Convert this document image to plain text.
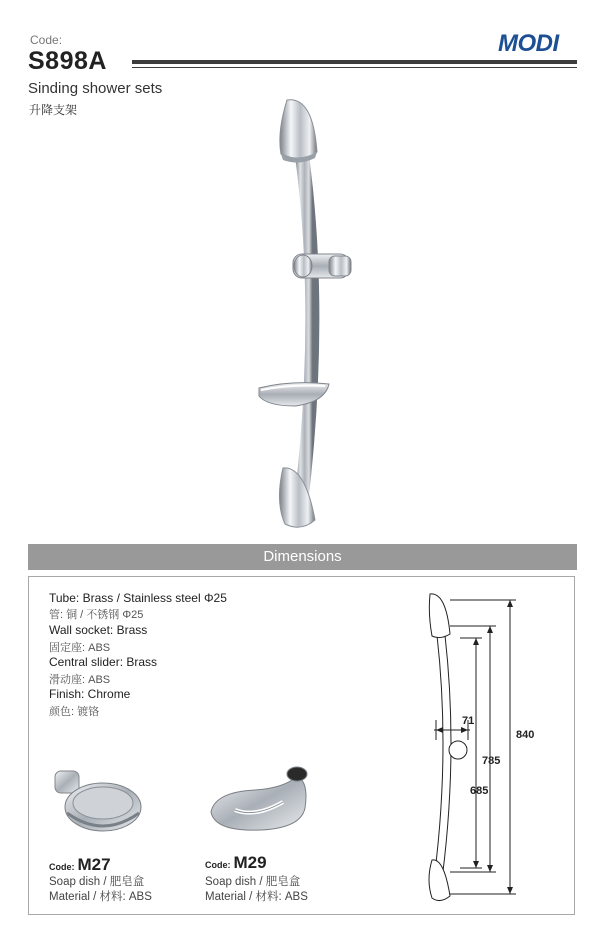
Code:
S898A
MODI
Sinding shower sets
升降支架
Dimensions
Tube: Brass / Stainless steel Φ25
管: 铜 / 不锈钢 Φ25
Wall socket: Brass
固定座: ABS
Central slider: Brass
滑动座: ABS
Finish: Chrome
颜色: 镀铬
Code: M27
Soap dish / 肥皂盒
Material / 材料: ABS
Code: M29
Soap dish / 肥皂盒
Material / 材料: ABS
71
840
785
685
